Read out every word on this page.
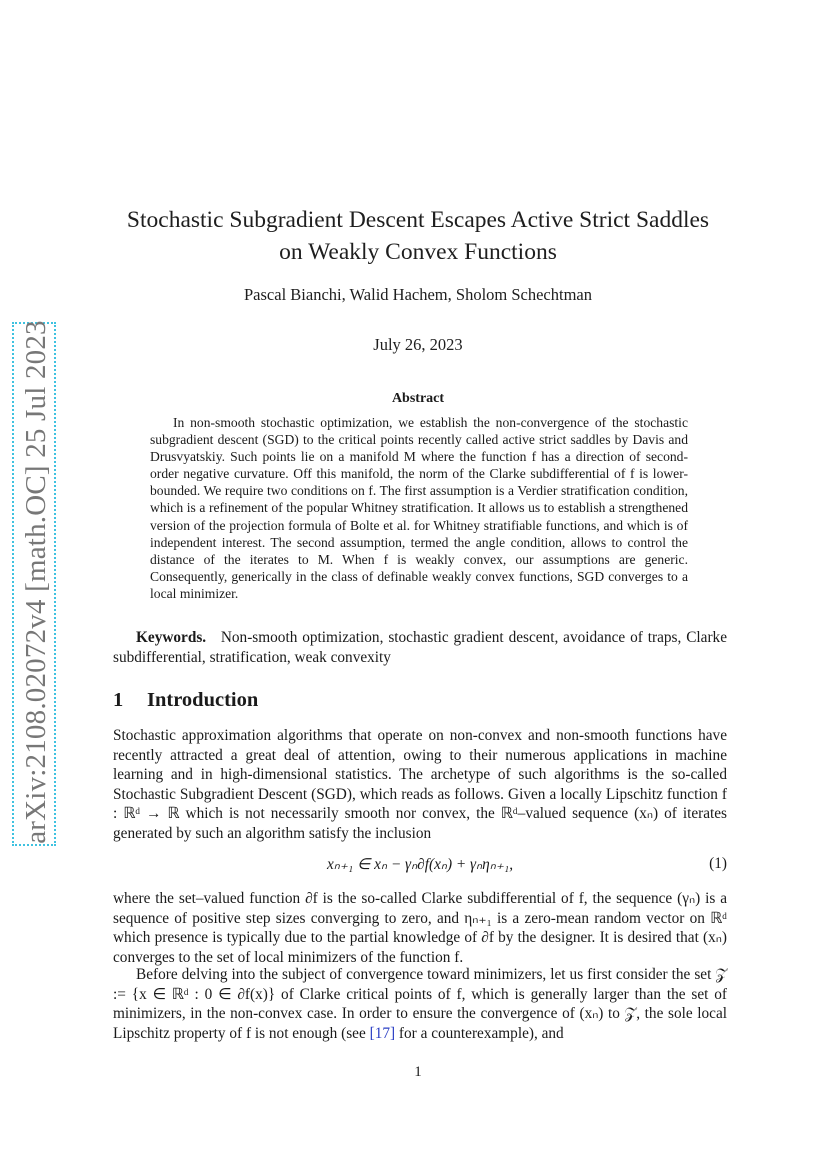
arXiv:2108.02072v4 [math.OC] 25 Jul 2023
Stochastic Subgradient Descent Escapes Active Strict Saddles
on Weakly Convex Functions
Pascal Bianchi, Walid Hachem, Sholom Schechtman
July 26, 2023
Abstract
In non-smooth stochastic optimization, we establish the non-convergence of the stochastic subgradient descent (SGD) to the critical points recently called active strict saddles by Davis and Drusvyatskiy. Such points lie on a manifold M where the function f has a direction of second-order negative curvature. Off this manifold, the norm of the Clarke subdifferential of f is lower-bounded. We require two conditions on f. The first assumption is a Verdier stratification condition, which is a refinement of the popular Whitney stratification. It allows us to establish a strengthened version of the projection formula of Bolte et al. for Whitney stratifiable functions, and which is of independent interest. The second assumption, termed the angle condition, allows to control the distance of the iterates to M. When f is weakly convex, our assumptions are generic. Consequently, generically in the class of definable weakly convex functions, SGD converges to a local minimizer.
Keywords. Non-smooth optimization, stochastic gradient descent, avoidance of traps, Clarke subdifferential, stratification, weak convexity
1 Introduction
Stochastic approximation algorithms that operate on non-convex and non-smooth functions have recently attracted a great deal of attention, owing to their numerous applications in machine learning and in high-dimensional statistics. The archetype of such algorithms is the so-called Stochastic Subgradient Descent (SGD), which reads as follows. Given a locally Lipschitz function f : ℝᵈ → ℝ which is not necessarily smooth nor convex, the ℝᵈ–valued sequence (xₙ) of iterates generated by such an algorithm satisfy the inclusion
xₙ₊₁ ∈ xₙ − γₙ∂f(xₙ) + γₙηₙ₊₁,	(1)
where the set–valued function ∂f is the so-called Clarke subdifferential of f, the sequence (γₙ) is a sequence of positive step sizes converging to zero, and ηₙ₊₁ is a zero-mean random vector on ℝᵈ which presence is typically due to the partial knowledge of ∂f by the designer. It is desired that (xₙ) converges to the set of local minimizers of the function f.
Before delving into the subject of convergence toward minimizers, let us first consider the set 𝒵 := {x ∈ ℝᵈ : 0 ∈ ∂f(x)} of Clarke critical points of f, which is generally larger than the set of minimizers, in the non-convex case. In order to ensure the convergence of (xₙ) to 𝒵, the sole local Lipschitz property of f is not enough (see [17] for a counterexample), and
1
